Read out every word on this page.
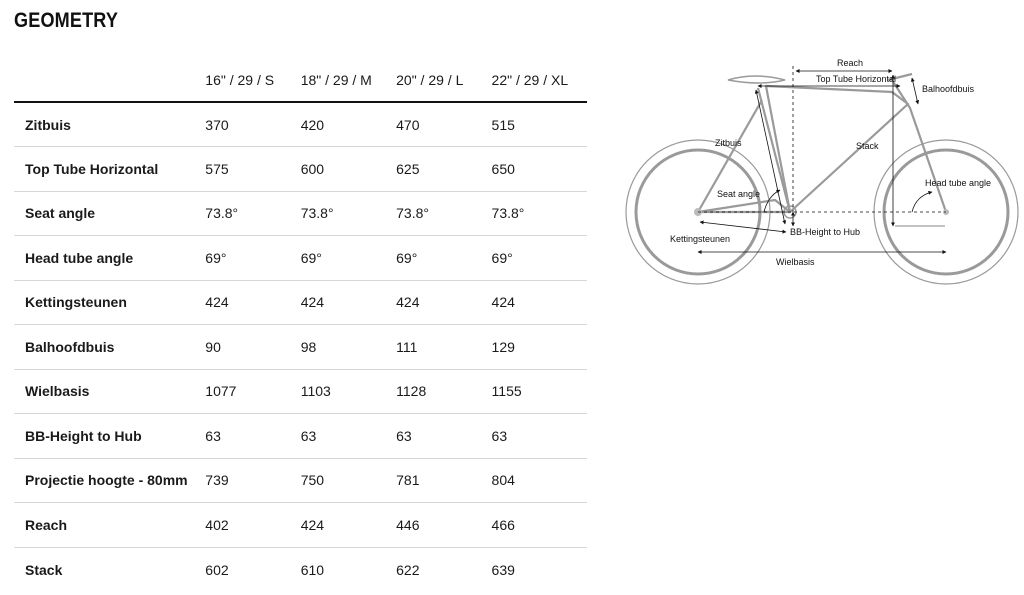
GEOMETRY
	16" / 29 / S	18" / 29 / M	20" / 29 / L	22" / 29 / XL
Zitbuis	370	420	470	515
Top Tube Horizontal	575	600	625	650
Seat angle	73.8°	73.8°	73.8°	73.8°
Head tube angle	69°	69°	69°	69°
Kettingsteunen	424	424	424	424
Balhoofdbuis	90	98	111	129
Wielbasis	1077	1103	1128	1155
BB-Height to Hub	63	63	63	63
Projectie hoogte - 80mm	739	750	781	804
Reach	402	424	446	466
Stack	602	610	622	639
Reach
Top Tube Horizontal
Balhoofdbuis
Zitbuis	Stack
Head tube angle
Seat angle
BB-Height to Hub
Kettingsteunen
Wielbasis
